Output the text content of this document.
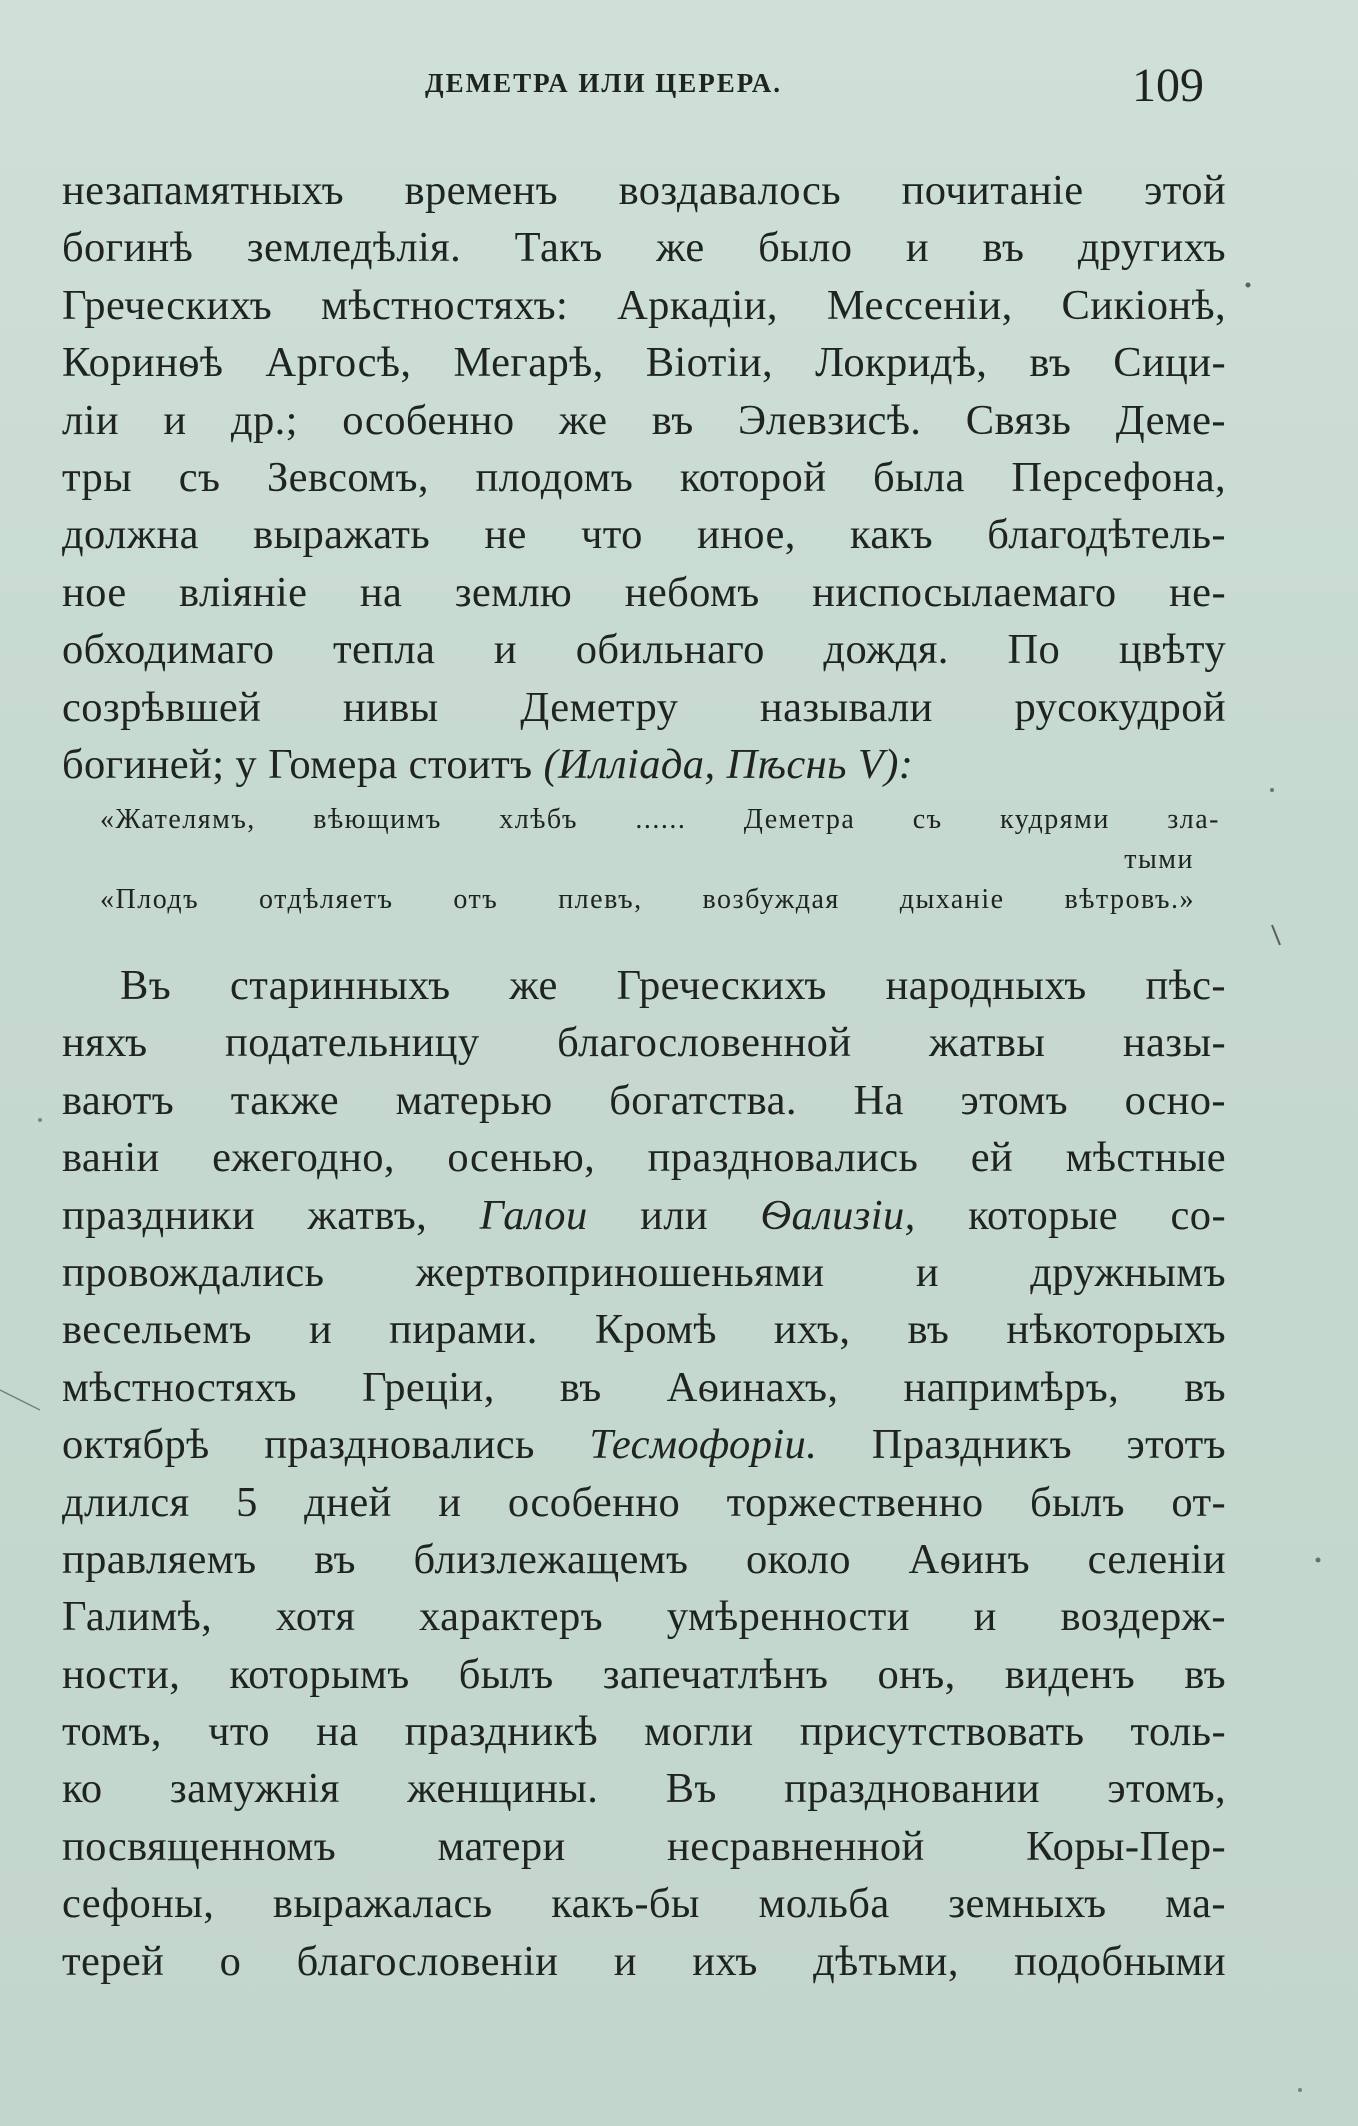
ДЕМЕТРА ИЛИ ЦЕРЕРА.	109
незапамятныхъ временъ воздавалось почитанiе этой
богинѣ земледѣлiя. Такъ же было и въ другихъ
Греческихъ мѣстностяхъ: Аркадiи, Мессенiи, Сикiонѣ,
Коринѳѣ Аргосѣ, Мегарѣ, Вiотiи, Локридѣ, въ Сици-
лiи и др.; особенно же въ Элевзисѣ. Связь Деме-
тры съ Зевсомъ, плодомъ которой была Персефона,
должна выражать не что иное, какъ благодѣтель-
ное влiянiе на землю небомъ ниспосылаемаго не-
обходимаго тепла и обильнаго дождя. По цвѣту
созрѣвшей нивы Деметру называли русокудрой
богиней; у Гомера стоитъ (Иллiада, Пѣснь V):
«Жателямъ, вѣющимъ хлѣбъ ...... Деметра съ кудрями зла-
тыми
«Плодъ отдѣляетъ отъ плевъ, возбуждая дыханiе вѣтровъ.»
Въ старинныхъ же Греческихъ народныхъ пѣс-
няхъ подательницу благословенной жатвы назы-
ваютъ также матерью богатства. На этомъ осно-
ванiи ежегодно, осенью, праздновались ей мѣстные
праздники жатвъ, Галои или Ѳализiи, которые со-
провождались жертвоприношеньями и дружнымъ
весельемъ и пирами. Кромѣ ихъ, въ нѣкоторыхъ
мѣстностяхъ Грецiи, въ Аѳинахъ, напримѣръ, въ
октябрѣ праздновались Тесмофорiи. Праздникъ этотъ
длился 5 дней и особенно торжественно былъ от-
правляемъ въ близлежащемъ около Аѳинъ селенiи
Галимѣ, хотя характеръ умѣренности и воздерж-
ности, которымъ былъ запечатлѣнъ онъ, виденъ въ
томъ, что на праздникѣ могли присутствовать толь-
ко замужнiя женщины. Въ праздновании этомъ,
посвященномъ матери несравненной Коры-Пер-
сефоны, выражалась какъ-бы мольба земныхъ ма-
терей о благословенiи и ихъ дѣтьми, подобными
